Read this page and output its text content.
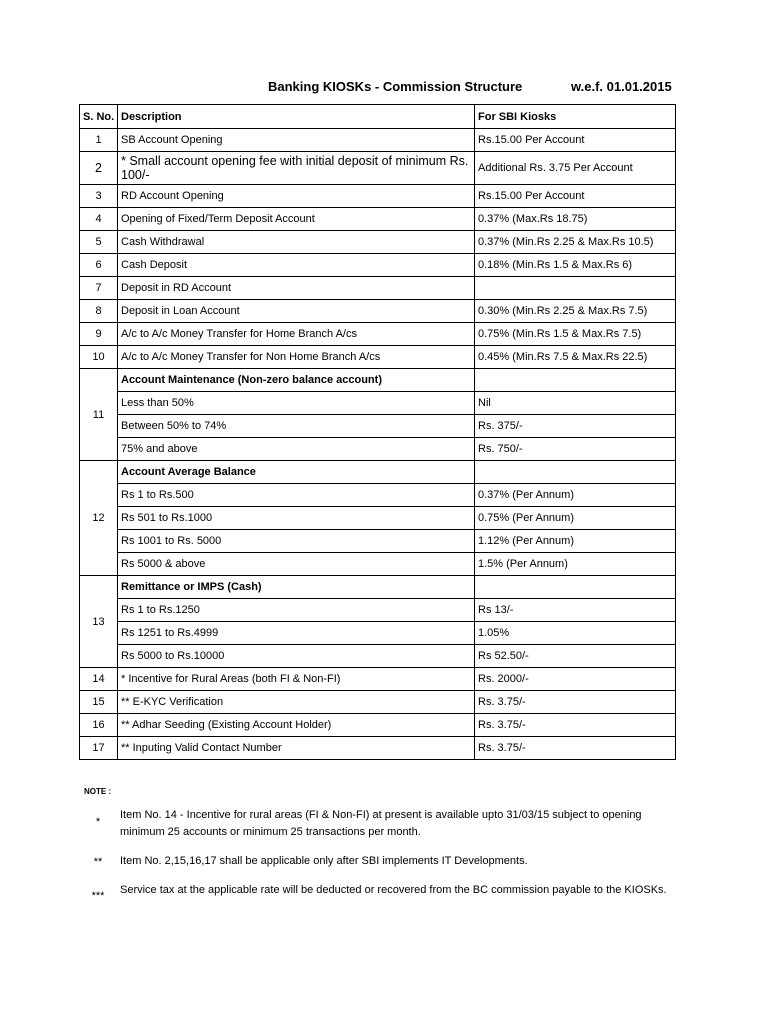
Banking KIOSKs - Commission Structure	w.e.f. 01.01.2015
S. No.	Description	For SBI Kiosks
1	SB Account Opening	Rs.15.00 Per Account
2	* Small account opening fee with initial deposit of minimum Rs. 100/-	Additional Rs. 3.75 Per Account
3	RD Account Opening	Rs.15.00 Per Account
4	Opening of Fixed/Term Deposit Account	0.37% (Max.Rs 18.75)
5	Cash Withdrawal	0.37% (Min.Rs 2.25 & Max.Rs 10.5)
6	Cash Deposit	0.18% (Min.Rs 1.5 & Max.Rs 6)
7	Deposit in RD Account	
8	Deposit in Loan Account	0.30% (Min.Rs 2.25 & Max.Rs 7.5)
9	A/c to A/c Money Transfer for Home Branch A/cs	0.75% (Min.Rs 1.5 & Max.Rs 7.5)
10	A/c to A/c Money Transfer for Non Home Branch A/cs	0.45% (Min.Rs 7.5 & Max.Rs 22.5)
11	Account Maintenance (Non-zero balance account)	
	Less than 50%	Nil
	Between 50% to 74%	Rs. 375/-
	75% and above	Rs. 750/-
12	Account Average Balance	
	Rs 1 to Rs.500	0.37% (Per Annum)
	Rs 501 to Rs.1000	0.75% (Per Annum)
	Rs 1001 to Rs. 5000	1.12% (Per Annum)
	Rs 5000 & above	1.5% (Per Annum)
13	Remittance or IMPS (Cash)	
	Rs 1 to Rs.1250	Rs 13/-
	Rs 1251 to Rs.4999	1.05%
	Rs 5000 to Rs.10000	Rs 52.50/-
14	* Incentive for Rural Areas (both FI & Non-FI)	Rs. 2000/-
15	** E-KYC Verification	Rs. 3.75/-
16	** Adhar Seeding (Existing Account Holder)	Rs. 3.75/-
17	** Inputing Valid Contact Number	Rs. 3.75/-
NOTE :
*
Item No. 14 - Incentive for rural areas (FI & Non-FI) at present is available upto 31/03/15 subject to opening minimum 25 accounts or minimum 25 transactions per month.
**	Item No. 2,15,16,17 shall be applicable only after SBI implements IT Developments.
***	Service tax at the applicable rate will be deducted or recovered from the BC commission payable to the KIOSKs.
